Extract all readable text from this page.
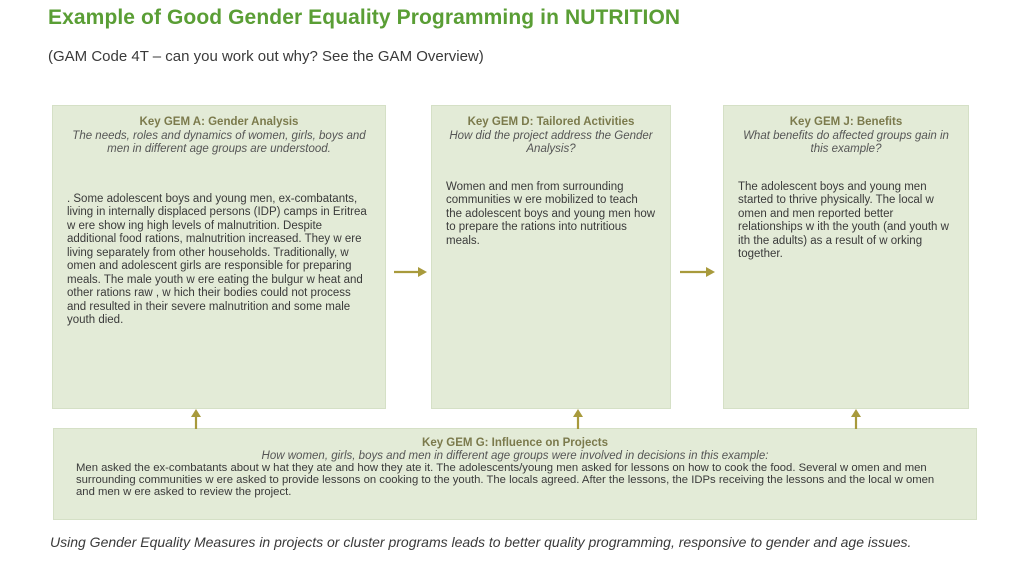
Example of Good Gender Equality Programming in NUTRITION
(GAM Code 4T – can you work out why? See the GAM Overview)
Key GEM A: Gender Analysis
The needs, roles and dynamics of women, girls, boys and men in different age groups are understood.
. Some adolescent boys and young men, ex-combatants, living in internally displaced persons (IDP) camps in Eritrea w ere show ing high levels of malnutrition. Despite additional food rations, malnutrition increased. They w ere living separately from other households. Traditionally, w omen and adolescent girls are responsible for preparing meals. The male youth w ere eating the bulgur w heat and other rations raw , w hich their bodies could not process and resulted in their severe malnutrition and some male youth died.
Key GEM D: Tailored Activities
How did the project address the Gender Analysis?
Women and men from surrounding communities w ere mobilized to teach the adolescent boys and young men how to prepare the rations into nutritious meals.
Key GEM J: Benefits
What benefits do affected groups gain in this example?
The adolescent boys and young men started to thrive physically. The local w omen and men reported better relationships w ith the youth (and youth w ith the adults) as a result of w orking together.
Key GEM G: Influence on Projects
How women, girls, boys and men in different age groups were involved in decisions in this example:
Men asked the ex-combatants about w hat they ate and how they ate it. The adolescents/young men asked for lessons on how to cook the food. Several w omen and men surrounding communities w ere asked to provide lessons on cooking to the youth. The locals agreed. After the lessons, the IDPs receiving the lessons and the local w omen and men w ere asked to review the project.
Using Gender Equality Measures in projects or cluster programs leads to better quality programming, responsive to gender and age issues.
